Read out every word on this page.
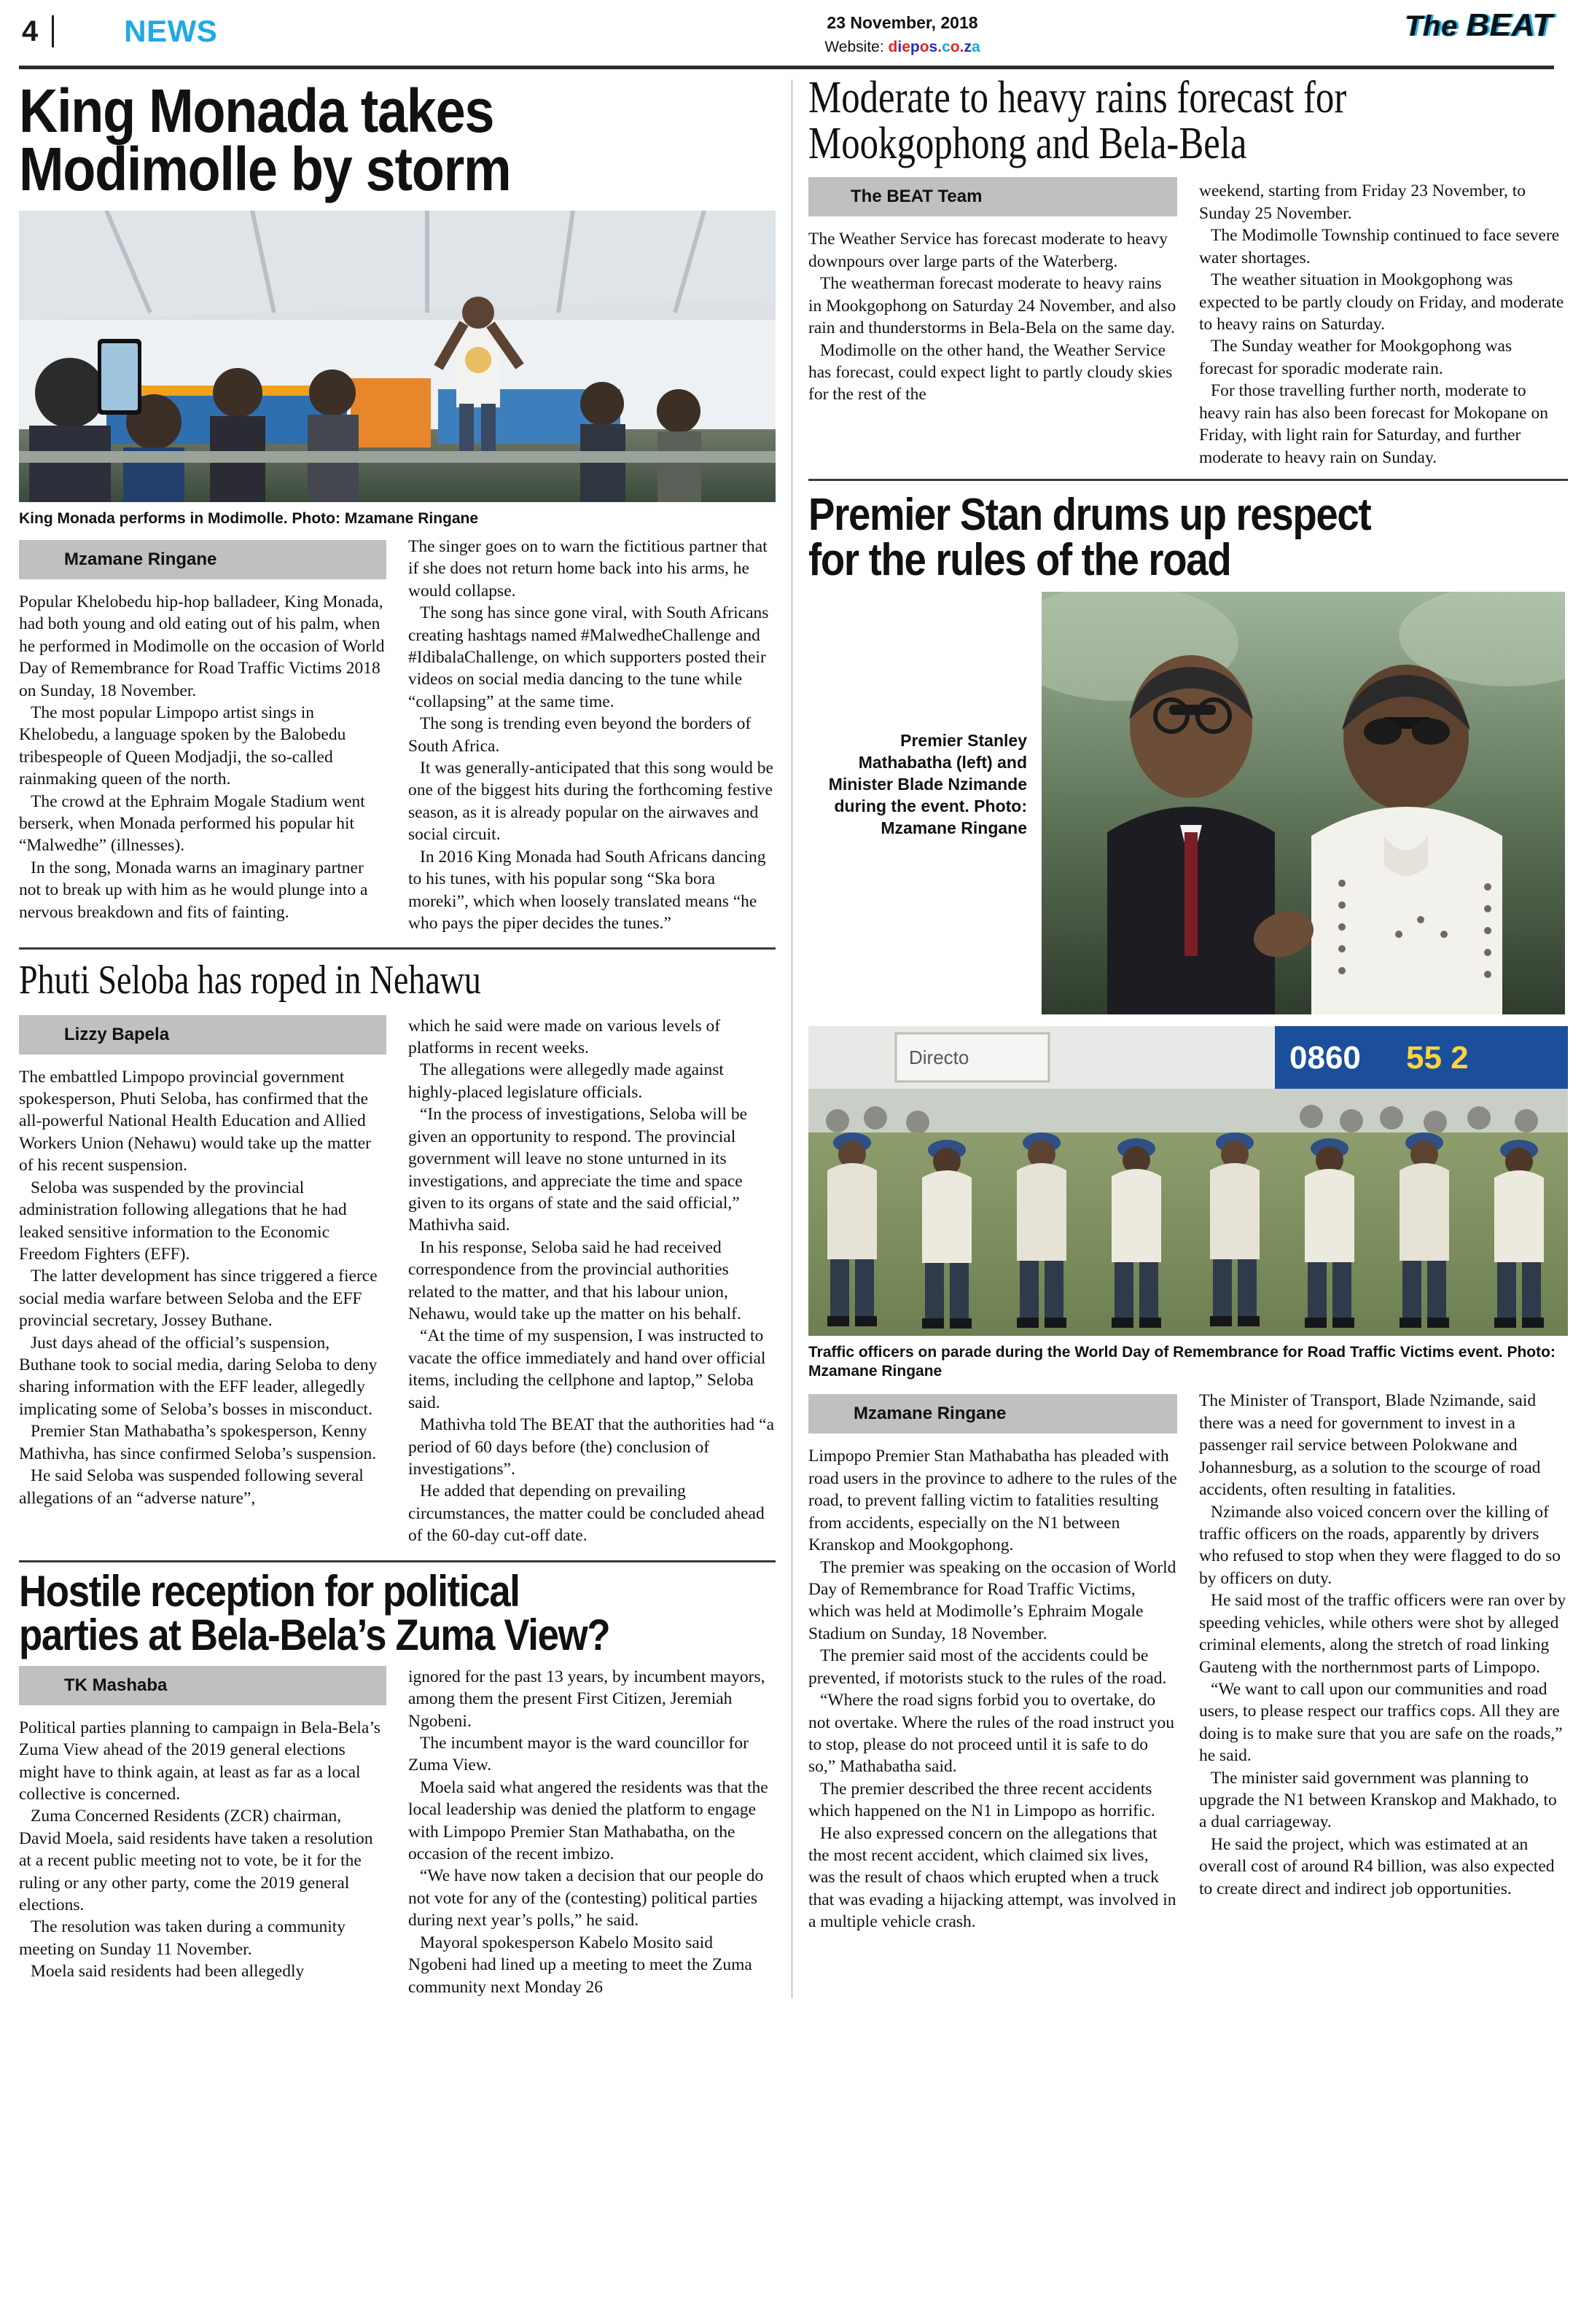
4	NEWS	23 November, 2018
Website: diepos.co.za
The BEAT
King Monada takes
Modimolle by storm
King Monada performs in Modimolle. Photo: Mzamane Ringane
Mzamane Ringane

Popular Khelobedu hip-hop balladeer, King Monada, had both young and old eating out of his palm, when he performed in Modimolle on the occasion of World Day of Remembrance for Road Traffic Victims 2018 on Sunday, 18 November.

The most popular Limpopo artist sings in Khelobedu, a language spoken by the Balobedu tribespeople of Queen Modjadji, the so-called rainmaking queen of the north.

The crowd at the Ephraim Mogale Stadium went berserk, when Monada performed his popular hit “Malwedhe” (illnesses).

In the song, Monada warns an imaginary partner not to break up with him as he would plunge into a nervous breakdown and fits of fainting.

The singer goes on to warn the fictitious partner that if she does not return home back into his arms, he would collapse.

The song has since gone viral, with South Africans creating hashtags named #MalwedheChallenge and #IdibalaChallenge, on which supporters posted their videos on social media dancing to the tune while “collapsing” at the same time.

The song is trending even beyond the borders of South Africa.

It was generally-anticipated that this song would be one of the biggest hits during the forthcoming festive season, as it is already popular on the airwaves and social circuit.

In 2016 King Monada had South Africans dancing to his tunes, with his popular song “Ska bora moreki”, which when loosely translated means “he who pays the piper decides the tunes.”

Phuti Seloba has roped in Nehawu
Lizzy Bapela

The embattled Limpopo provincial government spokesperson, Phuti Seloba, has confirmed that the all-powerful National Health Education and Allied Workers Union (Nehawu) would take up the matter of his recent suspension.

Seloba was suspended by the provincial administration following allegations that he had leaked sensitive information to the Economic Freedom Fighters (EFF).

The latter development has since triggered a fierce social media warfare between Seloba and the EFF provincial secretary, Jossey Buthane.

Just days ahead of the official’s suspension, Buthane took to social media, daring Seloba to deny sharing information with the EFF leader, allegedly implicating some of Seloba’s bosses in misconduct.

Premier Stan Mathabatha’s spokesperson, Kenny Mathivha, has since confirmed Seloba’s suspension.

He said Seloba was suspended following several allegations of an “adverse nature”,

which he said were made on various levels of platforms in recent weeks.

The allegations were allegedly made against highly-placed legislature officials.

“In the process of investigations, Seloba will be given an opportunity to respond. The provincial government will leave no stone unturned in its investigations, and appreciate the time and space given to its organs of state and the said official,” Mathivha said.

In his response, Seloba said he had received correspondence from the provincial authorities related to the matter, and that his labour union, Nehawu, would take up the matter on his behalf.

“At the time of my suspension, I was instructed to vacate the office immediately and hand over official items, including the cellphone and laptop,” Seloba said.

Mathivha told The BEAT that the authorities had “a period of 60 days before (the) conclusion of investigations”.

He added that depending on prevailing circumstances, the matter could be concluded ahead of the 60-day cut-off date.

Hostile reception for political
parties at Bela-Bela’s Zuma View?
TK Mashaba

Political parties planning to campaign in Bela-Bela’s Zuma View ahead of the 2019 general elections might have to think again, at least as far as a local collective is concerned.

Zuma Concerned Residents (ZCR) chairman, David Moela, said residents have taken a resolution at a recent public meeting not to vote, be it for the ruling or any other party, come the 2019 general elections.

The resolution was taken during a community meeting on Sunday 11 November.

Moela said residents had been allegedly

ignored for the past 13 years, by incumbent mayors, among them the present First Citizen, Jeremiah Ngobeni.

The incumbent mayor is the ward councillor for Zuma View.

Moela said what angered the residents was that the local leadership was denied the platform to engage with Limpopo Premier Stan Mathabatha, on the occasion of the recent imbizo.

“We have now taken a decision that our people do not vote for any of the (contesting) political parties during next year’s polls,” he said.

Mayoral spokesperson Kabelo Mosito said Ngobeni had lined up a meeting to meet the Zuma community next Monday 26

Moderate to heavy rains forecast for
Mookgophong and Bela-Bela
The BEAT Team

The Weather Service has forecast moderate to heavy downpours over large parts of the Waterberg.

The weatherman forecast moderate to heavy rains in Mookgophong on Saturday 24 November, and also rain and thunderstorms in Bela-Bela on the same day.

Modimolle on the other hand, the Weather Service has forecast, could expect light to partly cloudy skies for the rest of the

weekend, starting from Friday 23 November, to Sunday 25 November.

The Modimolle Township continued to face severe water shortages.

The weather situation in Mookgophong was expected to be partly cloudy on Friday, and moderate to heavy rains on Saturday.

The Sunday weather for Mookgophong was forecast for sporadic moderate rain.

For those travelling further north, moderate to heavy rain has also been forecast for Mokopane on Friday, with light rain for Saturday, and further moderate to heavy rain on Sunday.

Premier Stan drums up respect
for the rules of the road
Premier Stanley Mathabatha (left) and Minister Blade Nzimande during the event. Photo: Mzamane Ringane
0860 55 2
Directo
Traffic officers on parade during the World Day of Remembrance for Road Traffic Victims event. Photo: Mzamane Ringane
Mzamane Ringane

Limpopo Premier Stan Mathabatha has pleaded with road users in the province to adhere to the rules of the road, to prevent falling victim to fatalities resulting from accidents, especially on the N1 between Kranskop and Mookgophong.

The premier was speaking on the occasion of World Day of Remembrance for Road Traffic Victims, which was held at Modimolle’s Ephraim Mogale Stadium on Sunday, 18 November.

The premier said most of the accidents could be prevented, if motorists stuck to the rules of the road.

“Where the road signs forbid you to overtake, do not overtake. Where the rules of the road instruct you to stop, please do not proceed until it is safe to do so,” Mathabatha said.

The premier described the three recent accidents which happened on the N1 in Limpopo as horrific.

He also expressed concern on the allegations that the most recent accident, which claimed six lives, was the result of chaos which erupted when a truck that was evading a hijacking attempt, was involved in a multiple vehicle crash.

The Minister of Transport, Blade Nzimande, said there was a need for government to invest in a passenger rail service between Polokwane and Johannesburg, as a solution to the scourge of road accidents, often resulting in fatalities.

Nzimande also voiced concern over the killing of traffic officers on the roads, apparently by drivers who refused to stop when they were flagged to do so by officers on duty.

He said most of the traffic officers were ran over by speeding vehicles, while others were shot by alleged criminal elements, along the stretch of road linking Gauteng with the northernmost parts of Limpopo.

“We want to call upon our communities and road users, to please respect our traffics cops. All they are doing is to make sure that you are safe on the roads,” he said.

The minister said government was planning to upgrade the N1 between Kranskop and Makhado, to a dual carriageway.

He said the project, which was estimated at an overall cost of around R4 billion, was also expected to create direct and indirect job opportunities.
